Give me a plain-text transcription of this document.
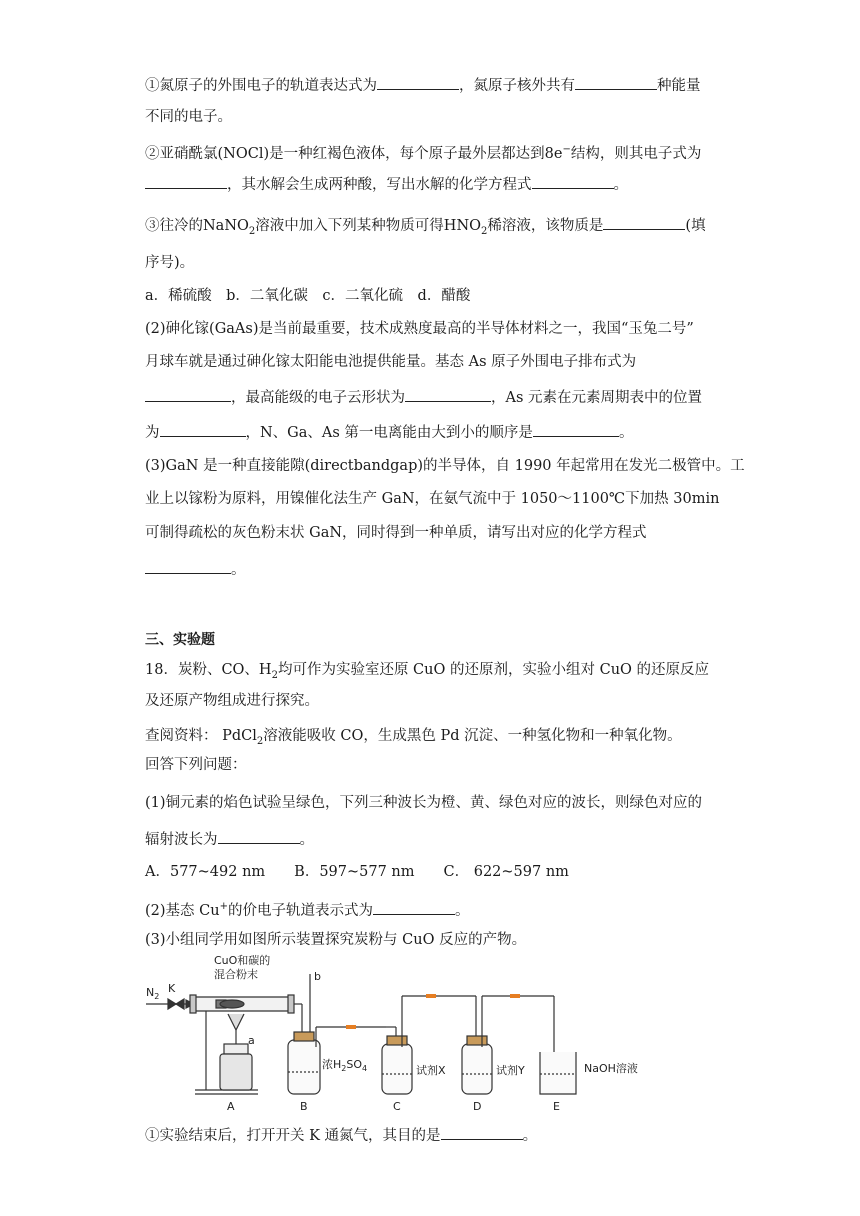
①氮原子的外围电子的轨道表达式为	，氮原子核外共有	种能量
不同的电子。
②亚硝酰氯(NOCl)是一种红褐色液体，每个原子最外层都达到8e−结构，则其电子式为
，其水解会生成两种酸，写出水解的化学方程式	。
③往冷的NaNO$_2$溶液中加入下列某种物质可得$HNO_2$稀溶液，该物质是	(填
序号)。
a．稀硫酸　b．二氧化碳　c．二氧化硫　d．醋酸
(2)砷化镓(GaAs)是当前最重要，技术成熟度最高的半导体材料之一，我国“玉兔二号”
月球车就是通过砷化镓太阳能电池提供能量。基态 As 原子外围电子排布式为
，最高能级的电子云形状为	，As 元素在元素周期表中的位置
为	，N、Ga、As 第一电离能由大到小的顺序是	。
(3)GaN 是一种直接能隙(directbandgap)的半导体，自 1990 年起常用在发光二极管中。工
业上以镓粉为原料，用镍催化法生产 GaN，在氨气流中于 1050～1100℃下加热 30min
可制得疏松的灰色粉末状 GaN，同时得到一种单质，请写出对应的化学方程式
。
三、实验题
18．炭粉、CO、$H_2$均可作为实验室还原 CuO 的还原剂，实验小组对 CuO 的还原反应
及还原产物组成进行探究。
查阅资料： PdCl$_2$溶液能吸收 CO，生成黑色 Pd 沉淀、一种氢化物和一种氧化物。
回答下列问题：
(1)铜元素的焰色试验呈绿色，下列三种波长为橙、黄、绿色对应的波长，则绿色对应的
辐射波长为	。
A．577~492 nm　　B．597~577 nm　　C． 622~597 nm
(2)基态 Cu+的价电子轨道表示式为	。
(3)小组同学用如图所示装置探究炭粉与 CuO 反应的产物。
$N_2$
K
CuO和碳的
混合粉末	b
a
浓$H_2SO_4$	试剂X	试剂Y	NaOH溶液
A	B	C	D	E
①实验结束后，打开开关 K 通氮气，其目的是	。
